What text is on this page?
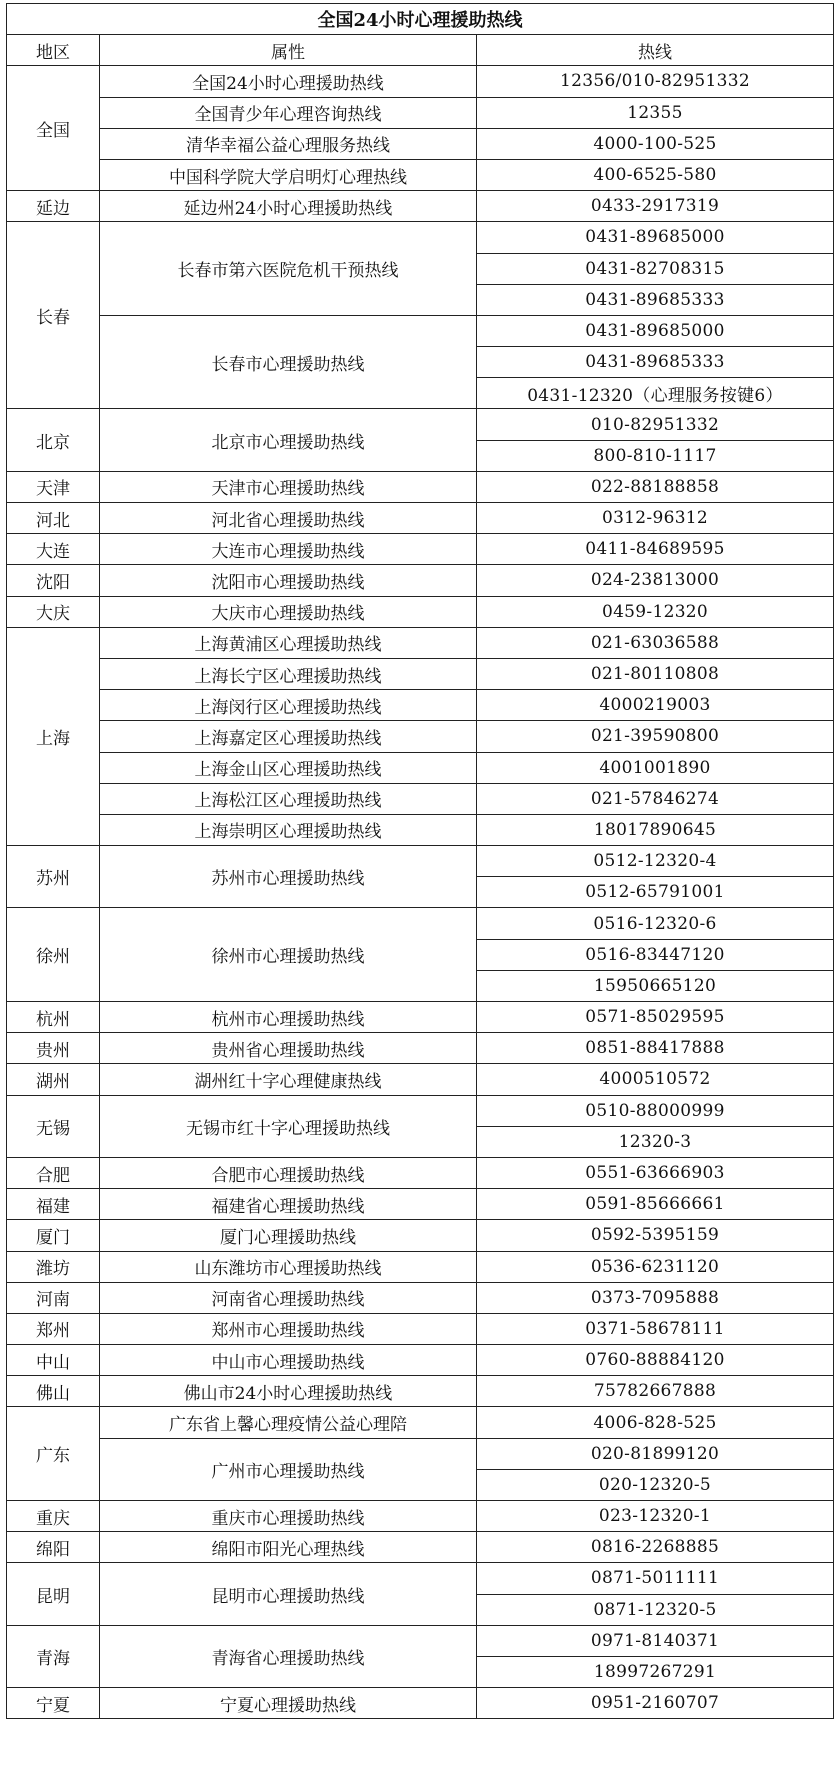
全国24小时心理援助热线		
地区	属性	热线
全国	全国24小时心理援助热线	12356/010-82951332
	全国青少年心理咨询热线	12355
	清华幸福公益心理服务热线	4000-100-525
	中国科学院大学启明灯心理热线	400-6525-580
延边	延边州24小时心理援助热线	0433-2917319
长春	长春市第六医院危机干预热线	0431-89685000
		0431-82708315
		0431-89685333
	长春市心理援助热线	0431-89685000
		0431-89685333
		0431-12320（心理服务按键6）
北京	北京市心理援助热线	010-82951332
		800-810-1117
天津	天津市心理援助热线	022-88188858
河北	河北省心理援助热线	0312-96312
大连	大连市心理援助热线	0411-84689595
沈阳	沈阳市心理援助热线	024-23813000
大庆	大庆市心理援助热线	0459-12320
上海	上海黄浦区心理援助热线	021-63036588
	上海长宁区心理援助热线	021-80110808
	上海闵行区心理援助热线	4000219003
	上海嘉定区心理援助热线	021-39590800
	上海金山区心理援助热线	4001001890
	上海松江区心理援助热线	021-57846274
	上海崇明区心理援助热线	18017890645
苏州	苏州市心理援助热线	0512-12320-4
		0512-65791001
徐州	徐州市心理援助热线	0516-12320-6
		0516-83447120
		15950665120
杭州	杭州市心理援助热线	0571-85029595
贵州	贵州省心理援助热线	0851-88417888
湖州	湖州红十字心理健康热线	4000510572
无锡	无锡市红十字心理援助热线	0510-88000999
		12320-3
合肥	合肥市心理援助热线	0551-63666903
福建	福建省心理援助热线	0591-85666661
厦门	厦门心理援助热线	0592-5395159
潍坊	山东潍坊市心理援助热线	0536-6231120
河南	河南省心理援助热线	0373-7095888
郑州	郑州市心理援助热线	0371-58678111
中山	中山市心理援助热线	0760-88884120
佛山	佛山市24小时心理援助热线	75782667888
广东	广东省上馨心理疫情公益心理陪	4006-828-525
	广州市心理援助热线	020-81899120
		020-12320-5
重庆	重庆市心理援助热线	023-12320-1
绵阳	绵阳市阳光心理热线	0816-2268885
昆明	昆明市心理援助热线	0871-5011111
		0871-12320-5
青海	青海省心理援助热线	0971-8140371
		18997267291
宁夏	宁夏心理援助热线	0951-2160707
